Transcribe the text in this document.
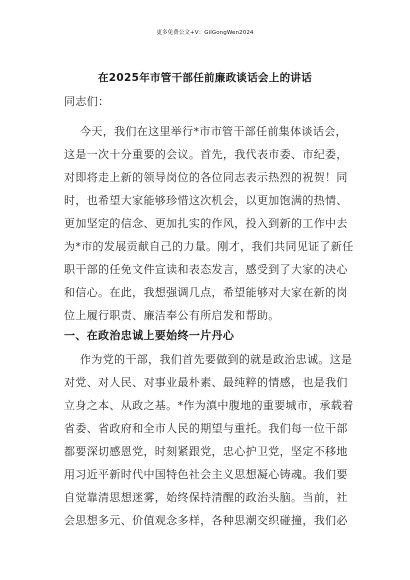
更多免费公文+V：GilGongWen2024
在2025年市管干部任前廉政谈话会上的讲话
同志们：
今天，我们在这里举行*市市管干部任前集体谈话会，
这是一次十分重要的会议。首先，我代表市委、市纪委，
对即将走上新的领导岗位的各位同志表示热烈的祝贺！同
时，也希望大家能够珍惜这次机会，以更加饱满的热情、
更加坚定的信念、更加扎实的作风，投入到新的工作中去
为*市的发展贡献自己的力量。刚才，我们共同见证了新任
职干部的任免文件宣读和表态发言，感受到了大家的决心
和信心。在此，我想强调几点，希望能够对大家在新的岗
位上履行职责、廉洁奉公有所启发和帮助。
一、在政治忠诚上要始终一片丹心
作为党的干部，我们首先要做到的就是政治忠诚。这是
对党、对人民、对事业最朴素、最纯粹的情感，也是我们
立身之本、从政之基。*作为滇中腹地的重要城市，承载着
省委、省政府和全市人民的期望与重托。我们每一位干部
都要深切感恩党，时刻紧跟党，忠心护卫党，坚定不移地
用习近平新时代中国特色社会主义思想凝心铸魂。我们要
自觉靠清思想迷雾，始终保持清醒的政治头脑。当前，社
会思想多元、价值观念多样，各种思潮交织碰撞，我们必
